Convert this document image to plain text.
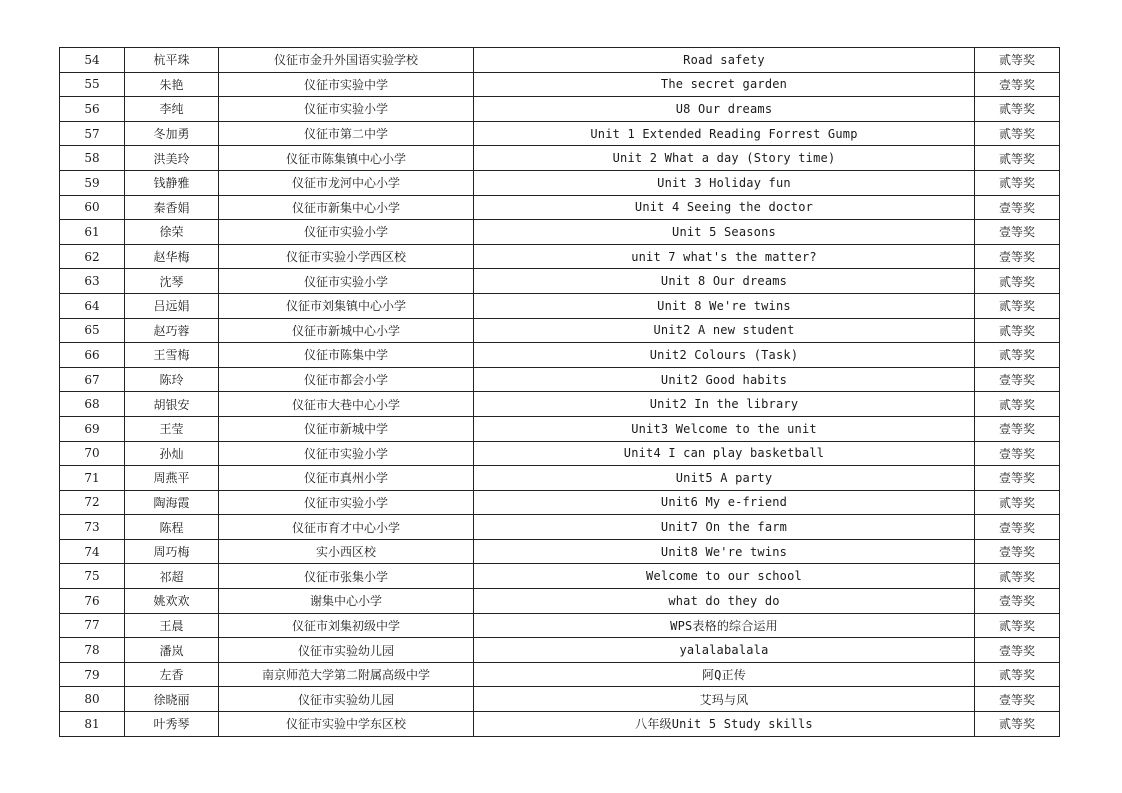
54	杭平珠	仪征市金升外国语实验学校	Road safety	贰等奖
55	朱艳	仪征市实验中学	The secret garden	壹等奖
56	李纯	仪征市实验小学	U8 Our dreams	贰等奖
57	冬加勇	仪征市第二中学	Unit 1 Extended Reading Forrest Gump	贰等奖
58	洪美玲	仪征市陈集镇中心小学	Unit 2 What a day (Story time)	贰等奖
59	钱静雅	仪征市龙河中心小学	Unit 3 Holiday fun	贰等奖
60	秦香娟	仪征市新集中心小学	Unit 4 Seeing the doctor	壹等奖
61	徐荣	仪征市实验小学	Unit 5 Seasons	壹等奖
62	赵华梅	仪征市实验小学西区校	unit 7 what's the matter?	壹等奖
63	沈琴	仪征市实验小学	Unit 8 Our dreams	贰等奖
64	吕远娟	仪征市刘集镇中心小学	Unit 8 We're twins	贰等奖
65	赵巧蓉	仪征市新城中心小学	Unit2 A new student	贰等奖
66	王雪梅	仪征市陈集中学	Unit2 Colours (Task)	贰等奖
67	陈玲	仪征市都会小学	Unit2 Good habits	壹等奖
68	胡银安	仪征市大巷中心小学	Unit2 In the library	贰等奖
69	王莹	仪征市新城中学	Unit3 Welcome to the unit	壹等奖
70	孙灿	仪征市实验小学	Unit4 I can play basketball	壹等奖
71	周燕平	仪征市真州小学	Unit5 A party	壹等奖
72	陶海霞	仪征市实验小学	Unit6 My e-friend	贰等奖
73	陈程	仪征市育才中心小学	Unit7 On the farm	壹等奖
74	周巧梅	实小西区校	Unit8 We're twins	壹等奖
75	祁超	仪征市张集小学	Welcome to our school	贰等奖
76	姚欢欢	谢集中心小学	what do they do	壹等奖
77	王晨	仪征市刘集初级中学	WPS表格的综合运用	贰等奖
78	潘岚	仪征市实验幼儿园	yalalabalala	壹等奖
79	左香	南京师范大学第二附属高级中学	阿Q正传	贰等奖
80	徐晓丽	仪征市实验幼儿园	艾玛与风	壹等奖
81	叶秀琴	仪征市实验中学东区校	八年级Unit 5 Study skills	贰等奖
